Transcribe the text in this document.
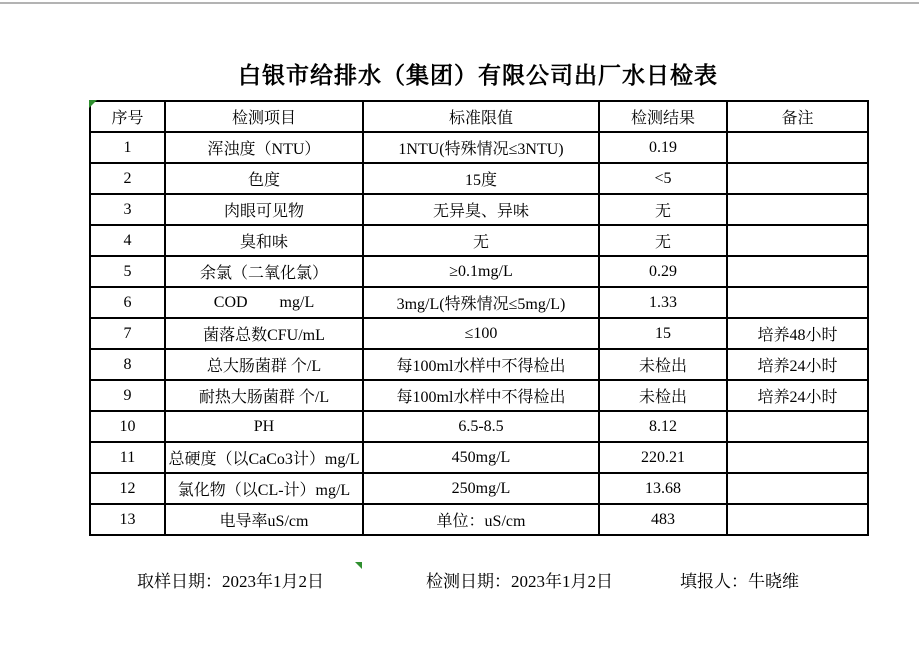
白银市给排水（集团）有限公司出厂水日检表
序号	检测项目	标准限值	检测结果	备注
1	浑浊度（NTU）	1NTU(特殊情况≤3NTU)	0.19	
2	色度	15度	<5	
3	肉眼可见物	无异臭、异味	无	
4	臭和味	无	无	
5	余氯（二氧化氯）	≥0.1mg/L	0.29	
6	COD        mg/L	3mg/L(特殊情况≤5mg/L)	1.33	
7	菌落总数CFU/mL	≤100	15	培养48小时
8	总大肠菌群 个/L	每100ml水样中不得检出	未检出	培养24小时
9	耐热大肠菌群 个/L	每100ml水样中不得检出	未检出	培养24小时
10	PH	6.5-8.5	8.12	
11	总硬度（以CaCo3计）mg/L	450mg/L	220.21	
12	氯化物（以CL-计）mg/L	250mg/L	13.68	
13	电导率uS/cm	单位：uS/cm	483	
取样日期：2023年1月2日	检测日期：2023年1月2日	填报人：牛晓维
